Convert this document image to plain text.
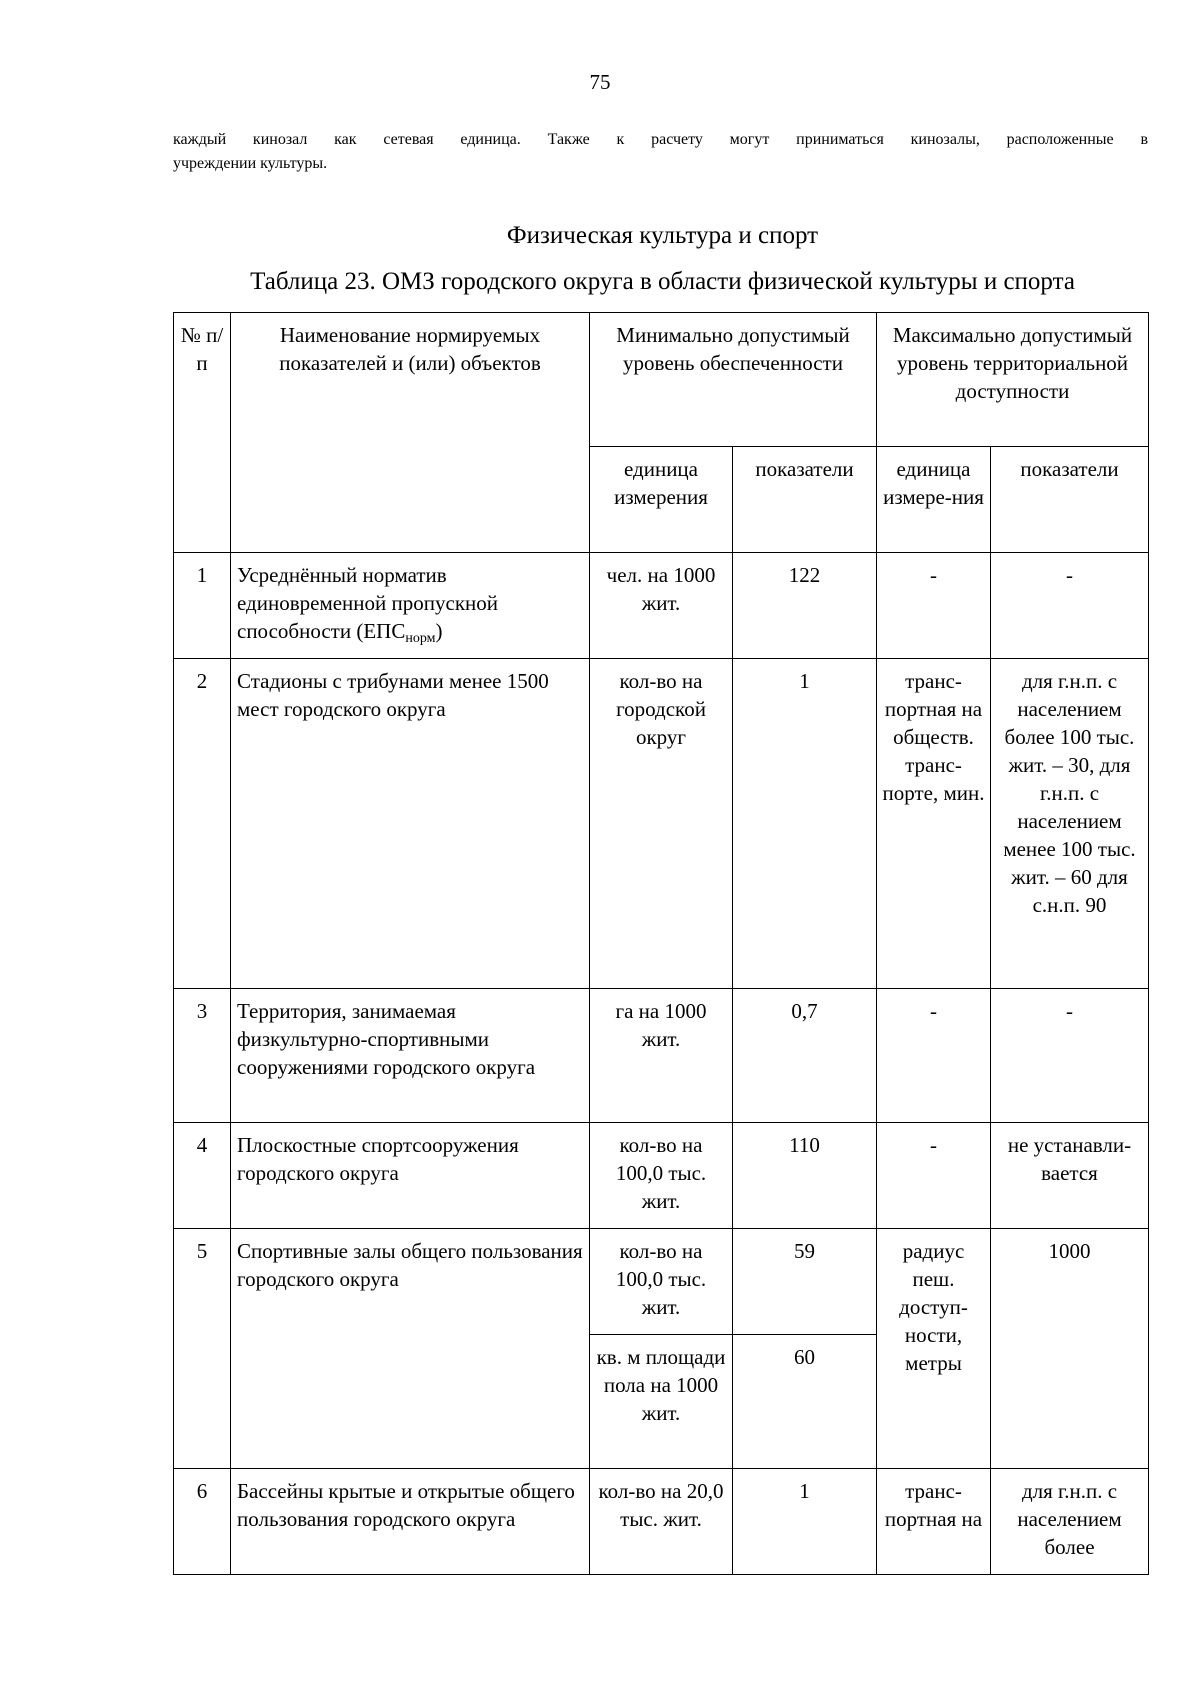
75
каждый кинозал как сетевая единица. Также к расчету могут приниматься кинозалы, расположенные в
учреждении культуры.
Физическая культура и спорт
Таблица 23. ОМЗ городского округа в области физической культуры и спорта
№ п/п	Наименование нормируемых показателей и (или) объектов	Минимально допустимый уровень обеспеченности		Максимально допустимый уровень территориальной доступности	
		единица измерения	показатели	единица измере-ния	показатели
1	Усреднённый норматив единовременной пропускной способности $(ЕПС_{норм})$	чел. на 1000 жит.	122	-	-
2	Стадионы с трибунами менее 1500 мест городского округа	кол-во на городской округ	1	транс-портная на обществ. транс-порте, мин.	для г.н.п. с населением более 100 тыс. жит. – 30, для г.н.п. с населением менее 100 тыс. жит. – 60 для с.н.п. 90
3	Территория, занимаемая физкультурно-спортивными сооружениями городского округа	га на 1000 жит.	0,7	-	-
4	Плоскостные спортсооружения городского округа	кол-во на 100,0 тыс. жит.	110	-	не устанавли-вается
5	Спортивные залы общего пользования городского округа	кол-во на 100,0 тыс. жит.	59	радиус пеш. доступ-ности, метры	1000
		кв. м площади пола на 1000 жит.	60		
6	Бассейны крытые и открытые общего пользования городского округа	кол-во на 20,0 тыс. жит.	1	транс-портная на	для г.н.п. с населением более
